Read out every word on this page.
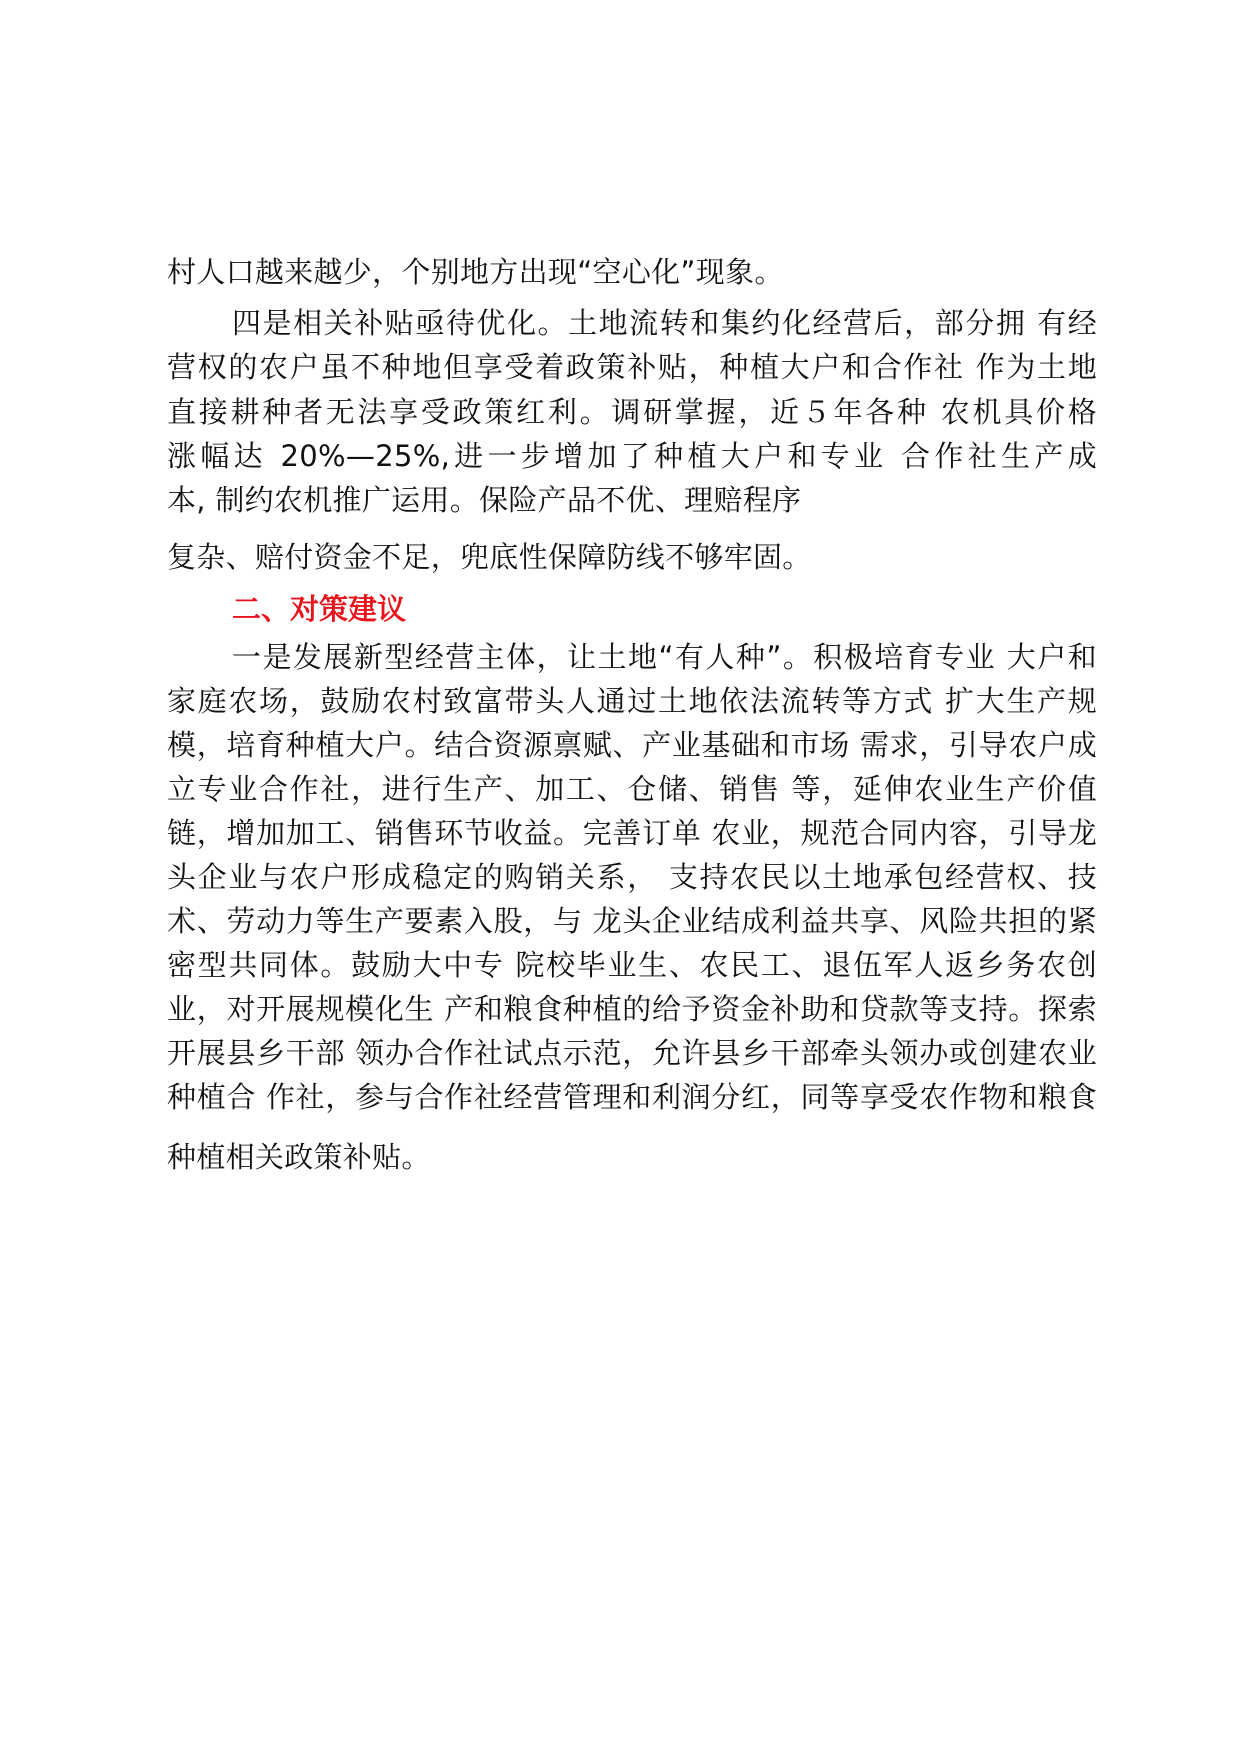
村人口越来越少，个别地方出现“空心化”现象。
四是相关补贴亟待优化。土地流转和集约化经营后，部分拥 有经
营权的农户虽不种地但享受着政策补贴，种植大户和合作社 作为土地
直接耕种者无法享受政策红利。调研掌握，近５年各种 农机具价格
涨幅达 20%—25%,进一步增加了种植大户和专业 合作社生产成
本, 制约农机推广运用。保险产品不优、理赔程序
复杂、赔付资金不足，兜底性保障防线不够牢固。
二、对策建议
一是发展新型经营主体，让土地“有人种”。积极培育专业 大户和
家庭农场，鼓励农村致富带头人通过土地依法流转等方式 扩大生产规
模，培育种植大户。结合资源禀赋、产业基础和市场 需求，引导农户成
立专业合作社，进行生产、加工、仓储、销售 等，延伸农业生产价值
链，增加加工、销售环节收益。完善订单 农业，规范合同内容，引导龙
头企业与农户形成稳定的购销关系， 支持农民以土地承包经营权、技
术、劳动力等生产要素入股，与 龙头企业结成利益共享、风险共担的紧
密型共同体。鼓励大中专 院校毕业生、农民工、退伍军人返乡务农创
业，对开展规模化生 产和粮食种植的给予资金补助和贷款等支持。探索
开展县乡干部 领办合作社试点示范，允许县乡干部牵头领办或创建农业
种植合 作社，参与合作社经营管理和利润分红，同等享受农作物和粮食
种植相关政策补贴。
